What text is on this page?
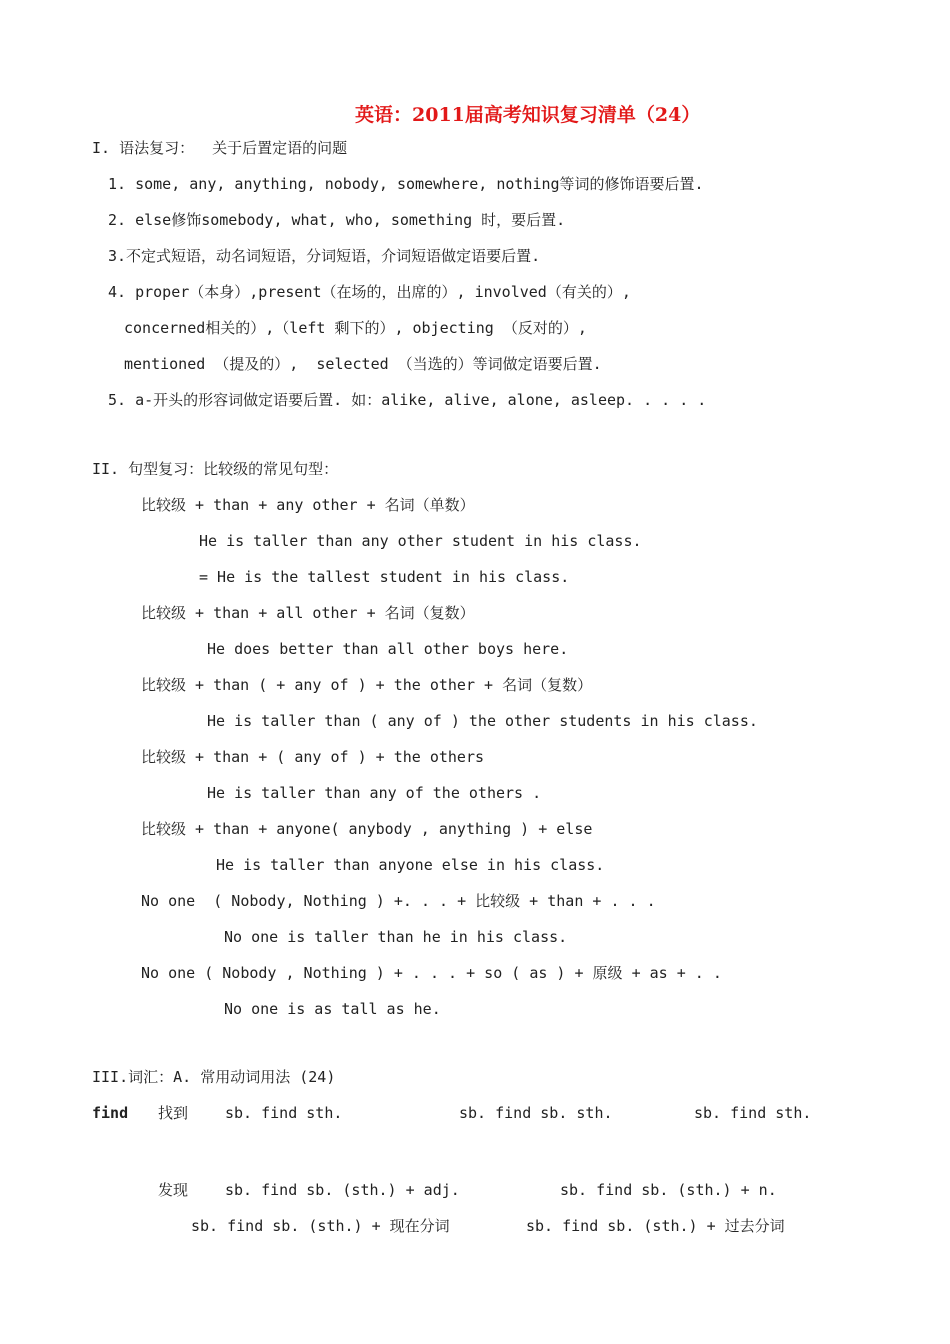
英语：2011届高考知识复习清单（24）
I. 语法复习：  关于后置定语的问题
1. some, any, anything, nobody, somewhere, nothing等词的修饰语要后置.
2. else修饰somebody, what, who, something 时，要后置.
3.不定式短语，动名词短语，分词短语，介词短语做定语要后置.
4. proper（本身）,present（在场的，出席的）, involved（有关的）,
concerned相关的）,（left 剩下的）, objecting （反对的）,
mentioned （提及的）,  selected （当选的）等词做定语要后置.
5. a-开头的形容词做定语要后置. 如：alike, alive, alone, asleep. . . . .
II. 句型复习：比较级的常见句型：
比较级 + than + any other + 名词（单数）
He is taller than any other student in his class.
= He is the tallest student in his class.
比较级 + than + all other + 名词（复数）
He does better than all other boys here.
比较级 + than ( + any of ) + the other + 名词（复数）
He is taller than ( any of ) the other students in his class.
比较级 + than + ( any of ) + the others
He is taller than any of the others .
比较级 + than + anyone( anybody , anything ) + else
He is taller than anyone else in his class.
No one  ( Nobody, Nothing ) +. . . + 比较级 + than + . . .
No one is taller than he in his class.
No one ( Nobody , Nothing ) + . . . + so ( as ) + 原级 + as + . .
No one is as tall as he.
III.词汇：A. 常用动词用法 (24)
find 找到 sb. find sth.	sb. find sb. sth.	sb. find sth.
发现 sb. find sb. (sth.) + adj.	sb. find sb. (sth.) + n.
sb. find sb. (sth.) + 现在分词	sb. find sb. (sth.) + 过去分词
